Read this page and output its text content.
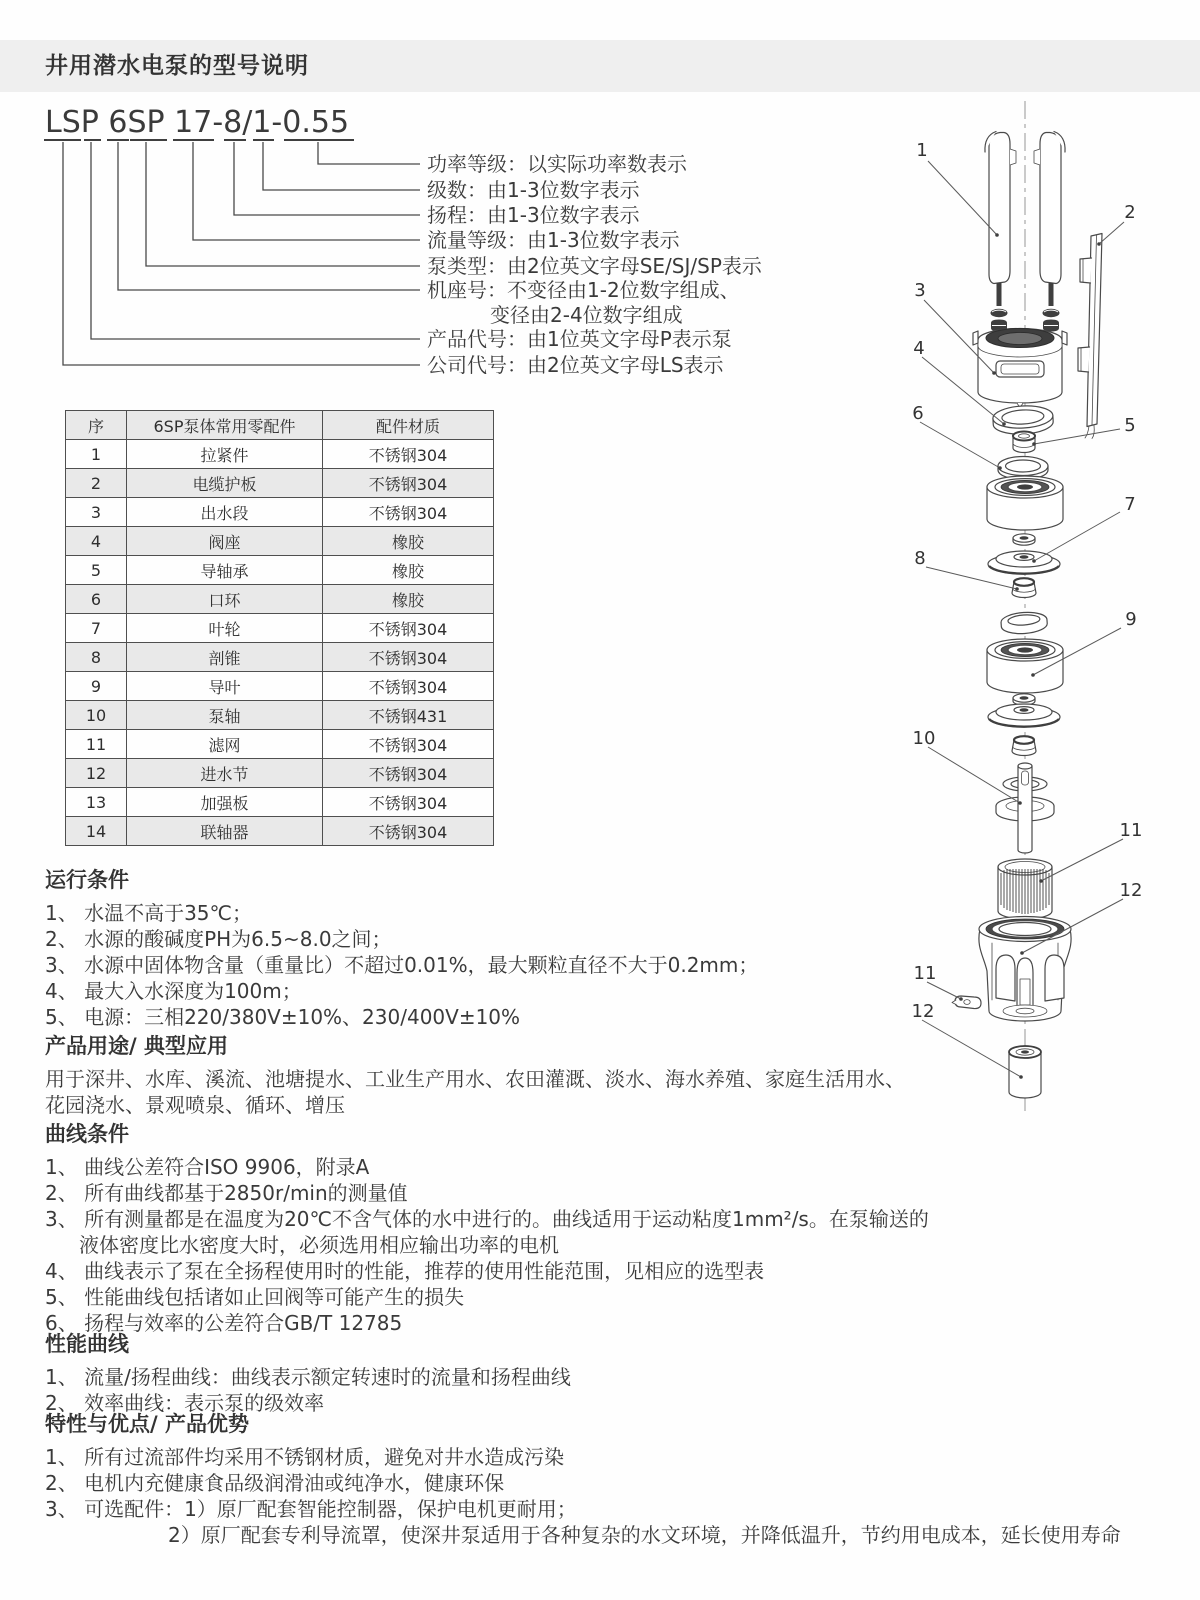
井用潜水电泵的型号说明
LSP 6SP 17-8/1-0.55
功率等级：以实际功率数表示
级数：由1-3位数字表示
扬程：由1-3位数字表示
流量等级：由1-3位数字表示
泵类型：由2位英文字母SE/SJ/SP表示
机座号：不变径由1-2位数字组成、
变径由2-4位数字组成
产品代号：由1位英文字母P表示泵
公司代号：由2位英文字母LS表示
序	6SP泵体常用零配件	配件材质
1	拉紧件	不锈钢304
2	电缆护板	不锈钢304
3	出水段	不锈钢304
4	阀座	橡胶
5	导轴承	橡胶
6	口环	橡胶
7	叶轮	不锈钢304
8	剖锥	不锈钢304
9	导叶	不锈钢304
10	泵轴	不锈钢431
11	滤网	不锈钢304
12	进水节	不锈钢304
13	加强板	不锈钢304
14	联轴器	不锈钢304
运行条件
1、 水温不高于35℃；
2、 水源的酸碱度PH为6.5~8.0之间；
3、 水源中固体物含量（重量比）不超过0.01%，最大颗粒直径不大于0.2mm；
4、 最大入水深度为100m；
5、 电源：三相220/380V±10%、230/400V±10%
产品用途/ 典型应用
用于深井、水库、溪流、池塘提水、工业生产用水、农田灌溉、淡水、海水养殖、家庭生活用水、花园浇水、景观喷泉、循环、增压
曲线条件
1、 曲线公差符合ISO 9906，附录A
2、 所有曲线都基于2850r/min的测量值
3、 所有测量都是在温度为20℃不含气体的水中进行的。曲线适用于运动粘度1mm²/s。在泵输送的液体密度比水密度大时，必须选用相应输出功率的电机
4、 曲线表示了泵在全扬程使用时的性能，推荐的使用性能范围，见相应的选型表
5、 性能曲线包括诸如止回阀等可能产生的损失
6、 扬程与效率的公差符合GB/T 12785
性能曲线
1、 流量/扬程曲线：曲线表示额定转速时的流量和扬程曲线
2、 效率曲线：表示泵的级效率
特性与优点/ 产品优势
1、 所有过流部件均采用不锈钢材质，避免对井水造成污染
2、 电机内充健康食品级润滑油或纯净水，健康环保
3、 可选配件：1）原厂配套智能控制器，保护电机更耐用；
2）原厂配套专利导流罩，使深井泵适用于各种复杂的水文环境，并降低温升，节约用电成本，延长使用寿命
1
2
3
4
5
6
7
8
9
10
11
12
11
12
